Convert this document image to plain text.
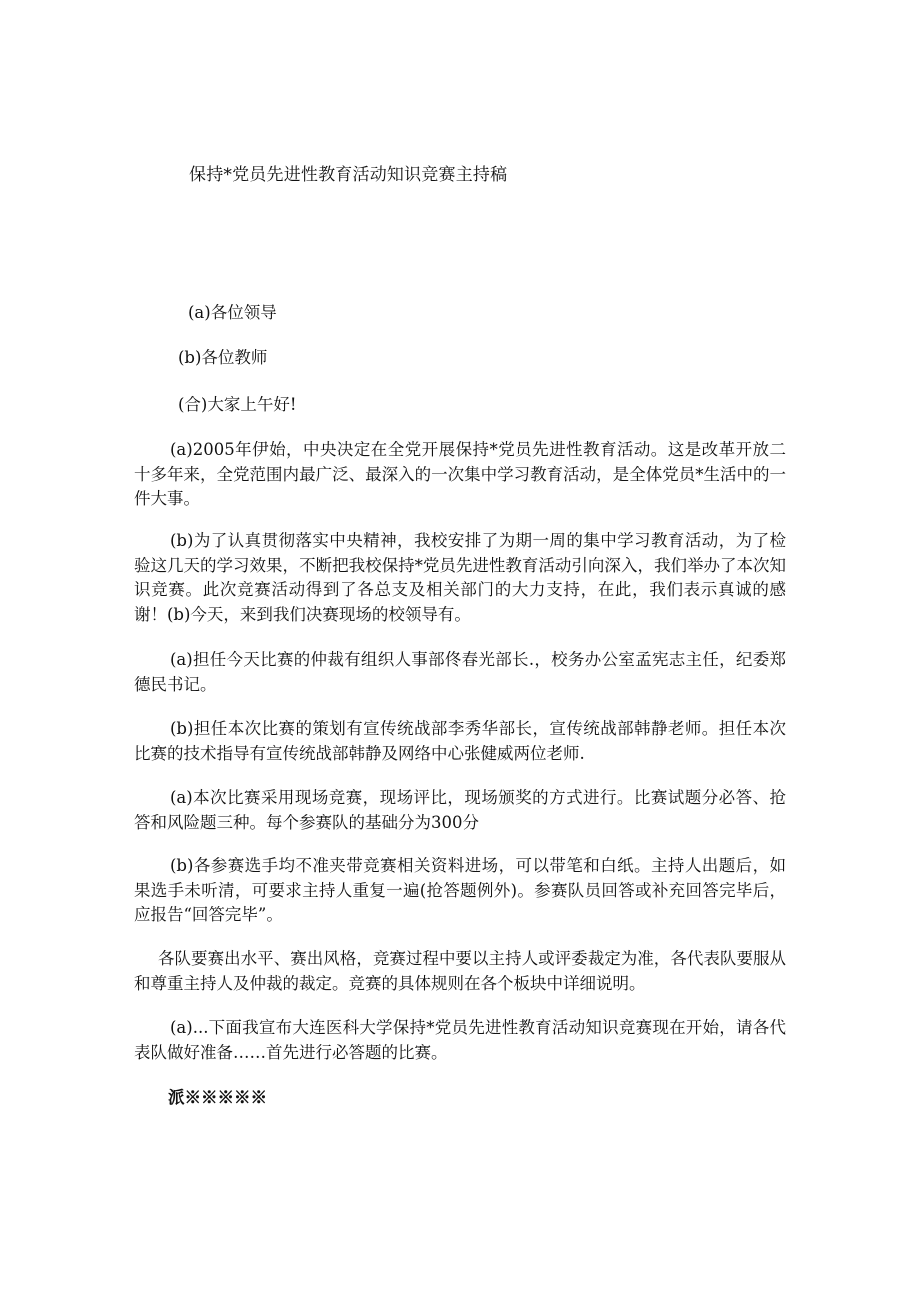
保持*党员先进性教育活动知识竞赛主持稿
(a)各位领导
(b)各位教师
(合)大家上午好!

(a)2005年伊始，中央决定在全党开展保持*党员先进性教育活动。这是改革开放二十多年来，全党范围内最广泛、最深入的一次集中学习教育活动，是全体党员*生活中的一件大事。

(b)为了认真贯彻落实中央精神，我校安排了为期一周的集中学习教育活动，为了检验这几天的学习效果，不断把我校保持*党员先进性教育活动引向深入，我们举办了本次知识竞赛。此次竞赛活动得到了各总支及相关部门的大力支持，在此，我们表示真诚的感谢！(b)今天，来到我们决赛现场的校领导有。

(a)担任今天比赛的仲裁有组织人事部佟春光部长.，校务办公室孟宪志主任，纪委郑德民书记。

(b)担任本次比赛的策划有宣传统战部李秀华部长，宣传统战部韩静老师。担任本次比赛的技术指导有宣传统战部韩静及网络中心张健威两位老师.

(a)本次比赛采用现场竞赛，现场评比，现场颁奖的方式进行。比赛试题分必答、抢答和风险题三种。每个参赛队的基础分为300分

(b)各参赛选手均不准夹带竞赛相关资料进场，可以带笔和白纸。主持人出题后，如果选手未听清，可要求主持人重复一遍(抢答题例外)。参赛队员回答或补充回答完毕后，应报告“回答完毕”。

各队要赛出水平、赛出风格，竞赛过程中要以主持人或评委裁定为准，各代表队要服从和尊重主持人及仲裁的裁定。竞赛的具体规则在各个板块中详细说明。

(a)...下面我宣布大连医科大学保持*党员先进性教育活动知识竞赛现在开始，请各代表队做好准备……首先进行必答题的比赛。

派※※※※※
